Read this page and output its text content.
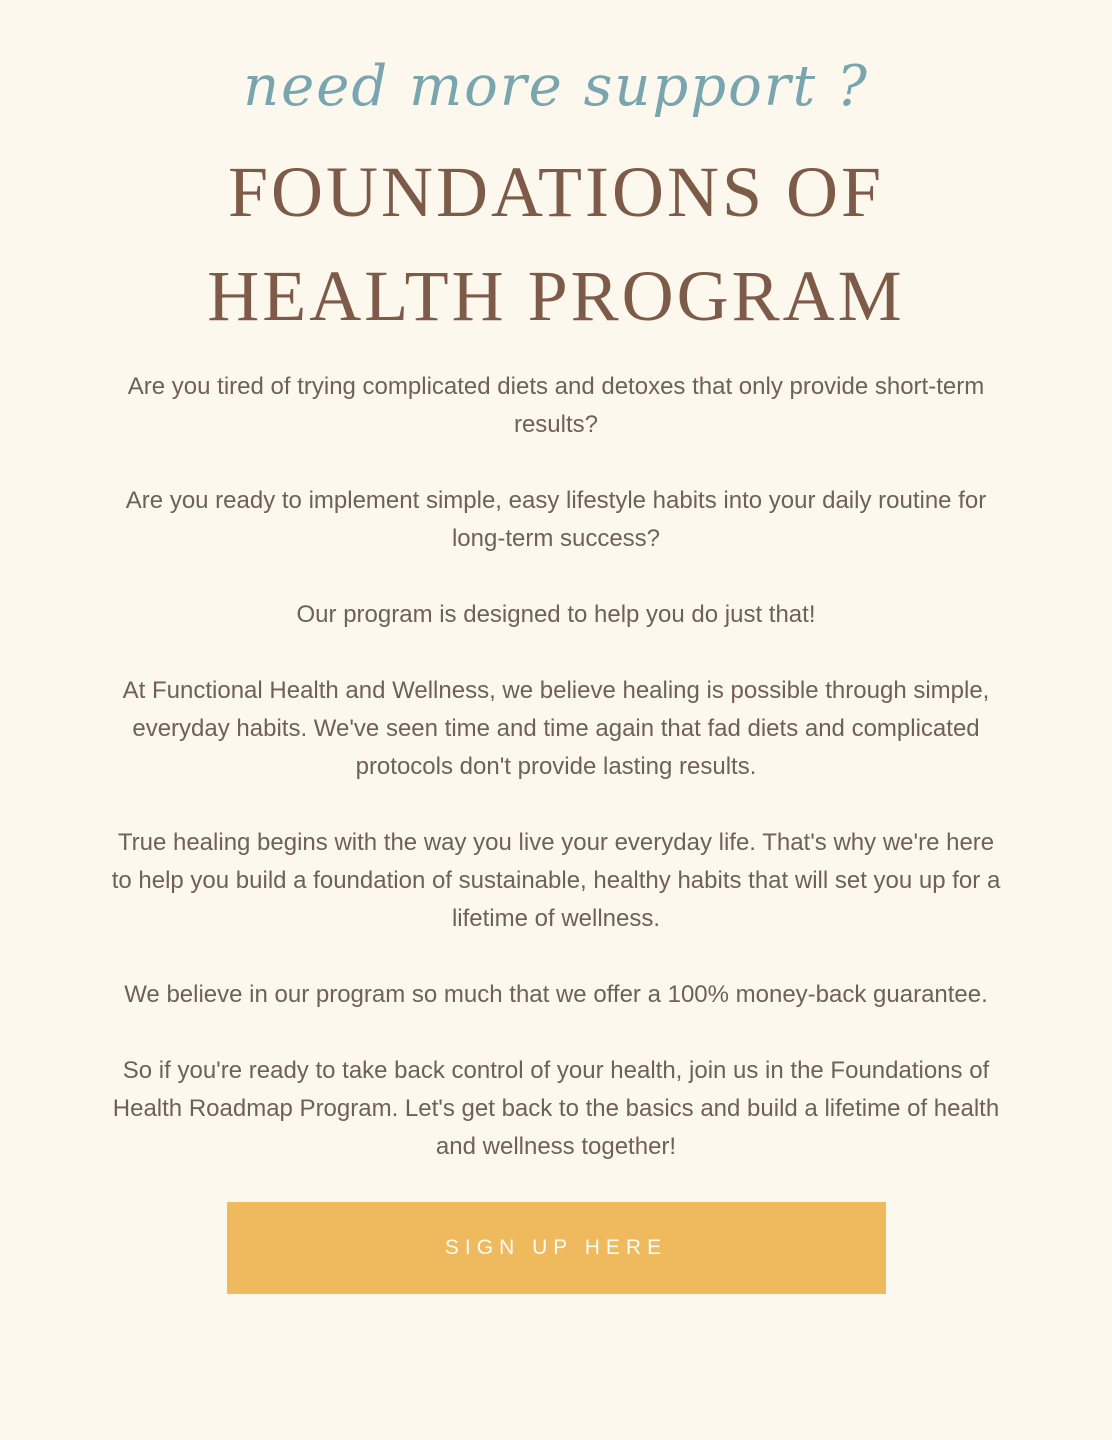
need more support ?
FOUNDATIONS OF
HEALTH PROGRAM

Are you tired of trying complicated diets and detoxes that only provide short-term results?

Are you ready to implement simple, easy lifestyle habits into your daily routine for long-term success?

Our program is designed to help you do just that!

At Functional Health and Wellness, we believe healing is possible through simple, everyday habits. We've seen time and time again that fad diets and complicated protocols don't provide lasting results.

True healing begins with the way you live your everyday life. That's why we're here to help you build a foundation of sustainable, healthy habits that will set you up for a lifetime of wellness.

We believe in our program so much that we offer a 100% money-back guarantee.

So if you're ready to take back control of your health, join us in the Foundations of Health Roadmap Program. Let's get back to the basics and build a lifetime of health and wellness together!

SIGN UP HERE
